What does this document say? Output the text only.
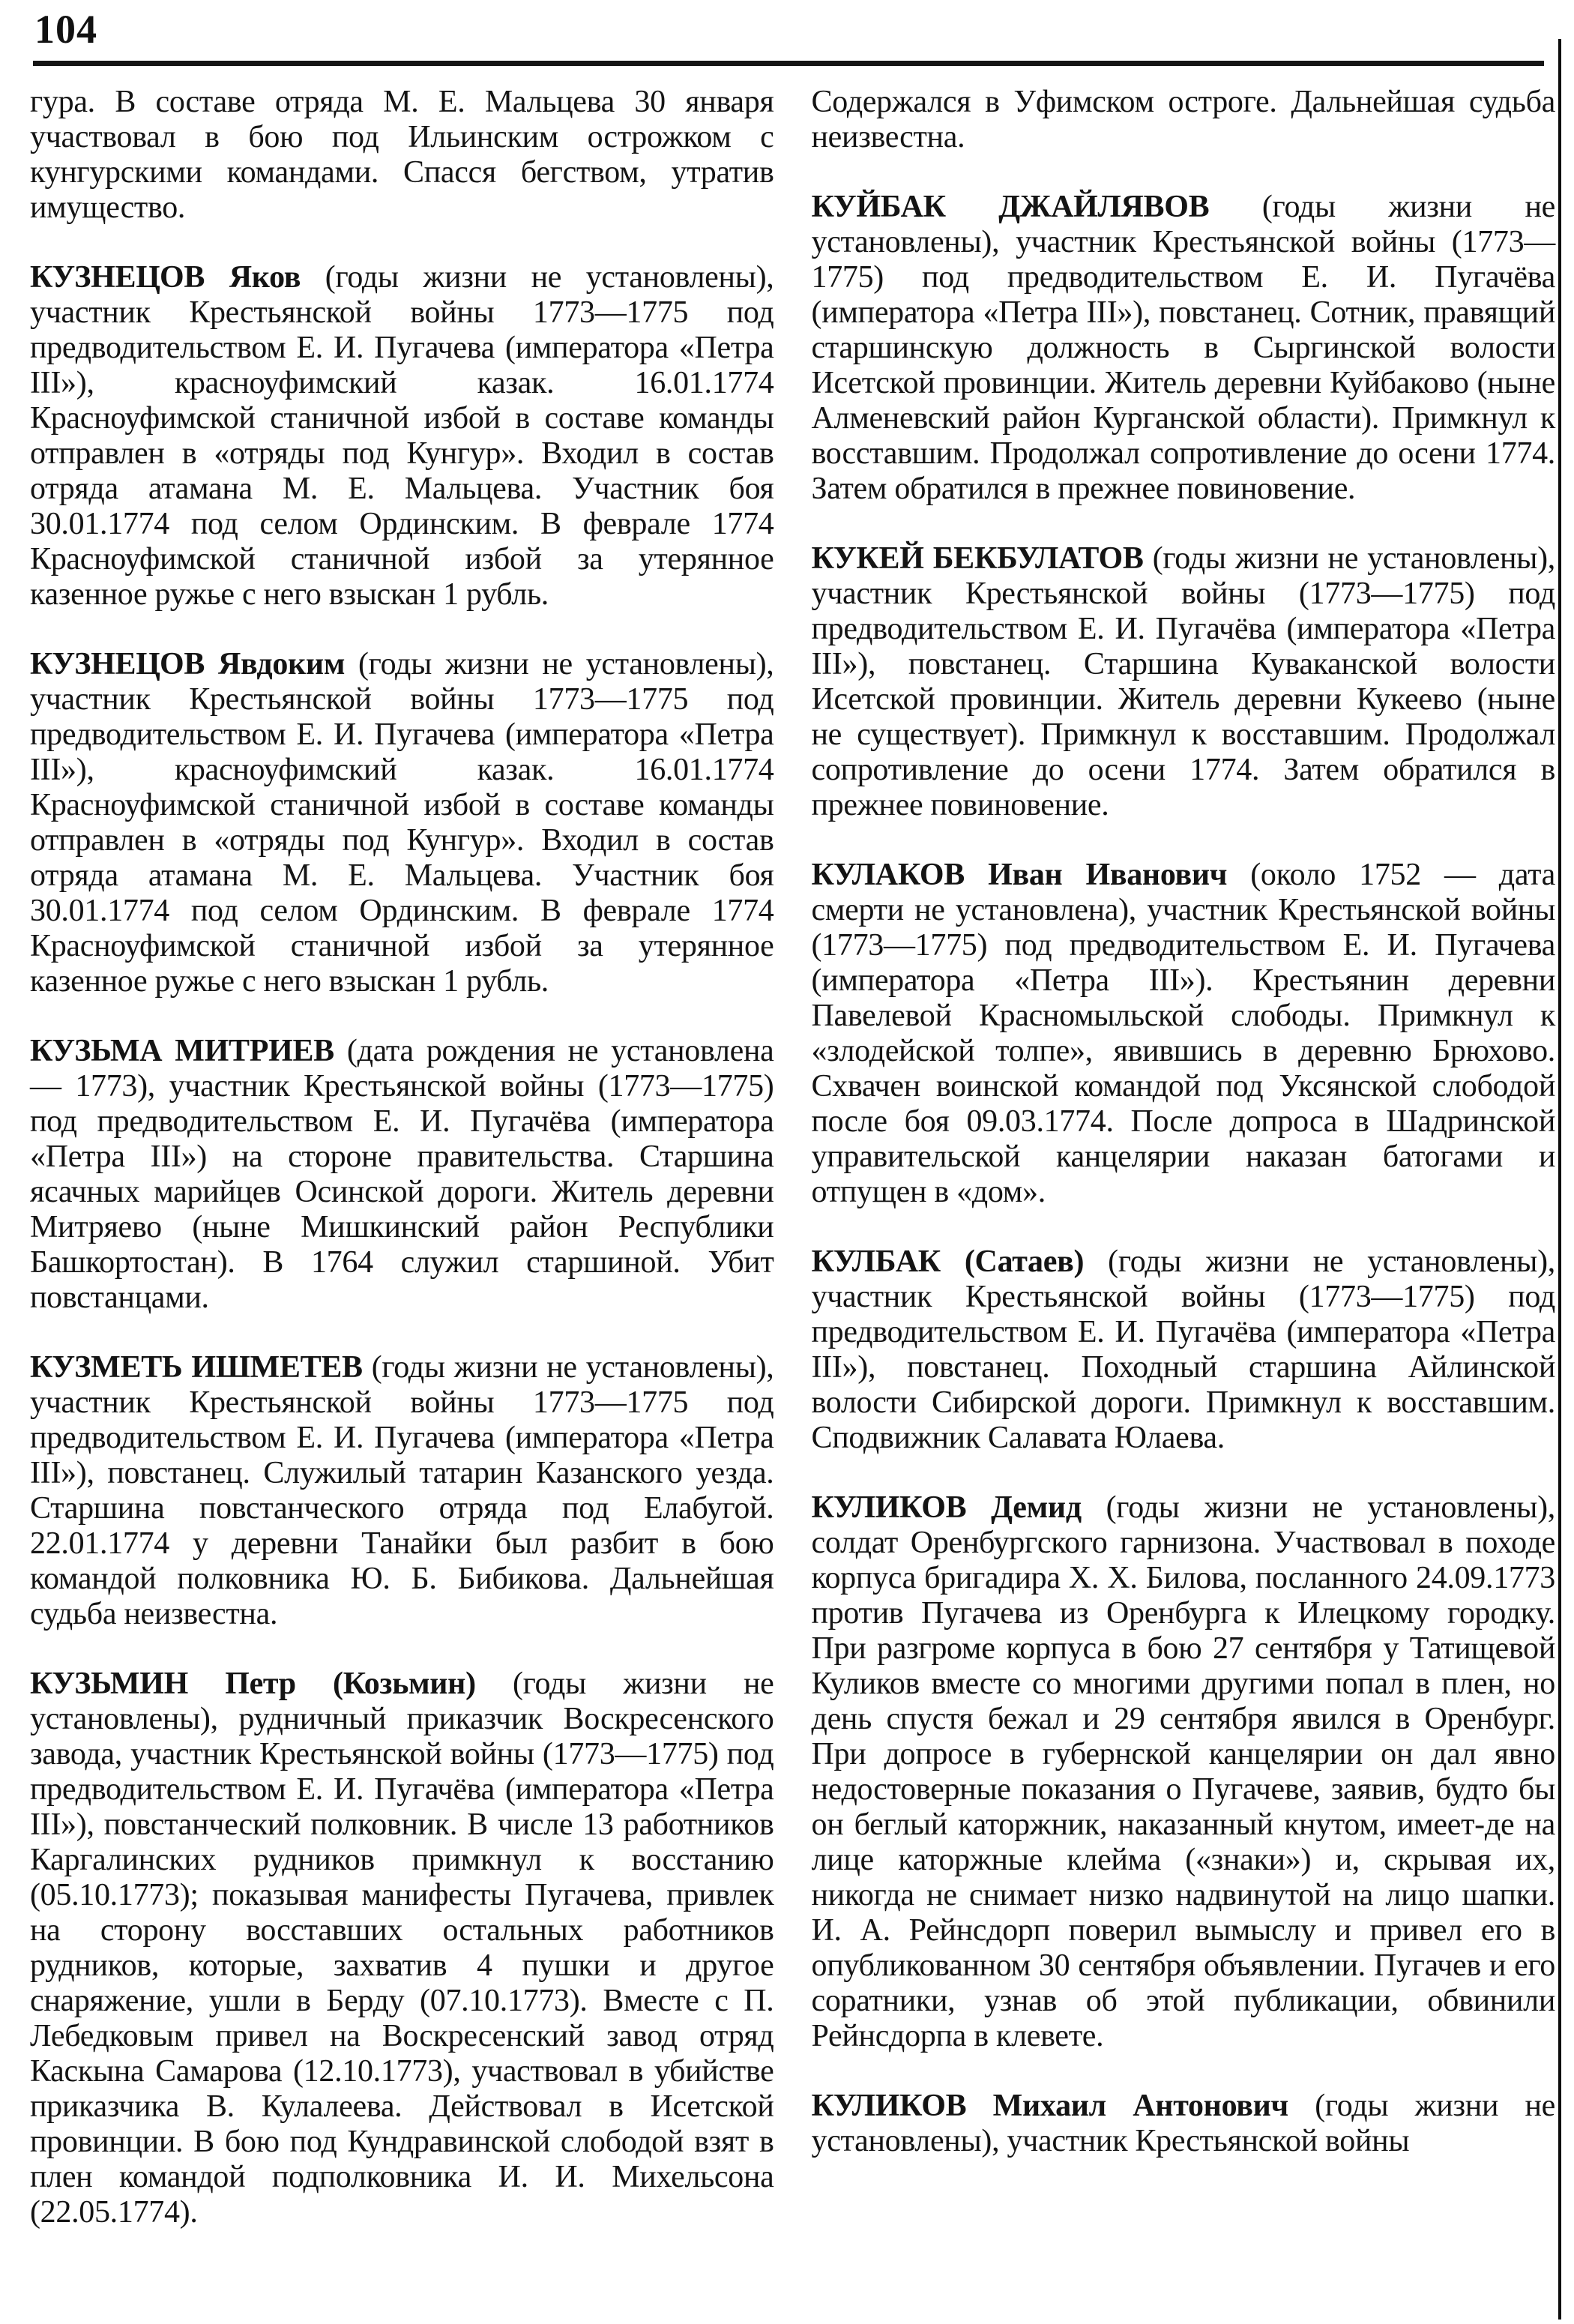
104

гура. В составе отряда М. Е. Мальцева 30 января участвовал в бою под Ильинским острожком с кунгурскими командами. Спасся бегством, утратив имущество.

КУЗНЕЦОВ Яков (годы жизни не установлены), участник Крестьянской войны 1773—1775 под предводительством Е. И. Пугачева (императора «Петра III»), красноуфимский казак. 16.01.1774 Красноуфимской станичной избой в составе команды отправлен в «отряды под Кунгур». Входил в состав отряда атамана М. Е. Мальцева. Участник боя 30.01.1774 под селом Ординским. В феврале 1774 Красноуфимской станичной избой за утерянное казенное ружье с него взыскан 1 рубль.

КУЗНЕЦОВ Явдоким (годы жизни не установлены), участник Крестьянской войны 1773—1775 под предводительством Е. И. Пугачева (императора «Петра III»), красноуфимский казак. 16.01.1774 Красноуфимской станичной избой в составе команды отправлен в «отряды под Кунгур». Входил в состав отряда атамана М. Е. Мальцева. Участник боя 30.01.1774 под селом Ординским. В феврале 1774 Красноуфимской станичной избой за утерянное казенное ружье с него взыскан 1 рубль.

КУЗЬМА МИТРИЕВ (дата рождения не установлена — 1773), участник Крестьянской войны (1773—1775) под предводительством Е. И. Пугачёва (императора «Петра III») на стороне правительства. Старшина ясачных марийцев Осинской дороги. Житель деревни Митряево (ныне Мишкинский район Республики Башкортостан). В 1764 служил старшиной. Убит повстанцами.

КУЗМЕТЬ ИШМЕТЕВ (годы жизни не установлены), участник Крестьянской войны 1773—1775 под предводительством Е. И. Пугачева (императора «Петра III»), повстанец. Служилый татарин Казанского уезда. Старшина повстанческого отряда под Елабугой. 22.01.1774 у деревни Танайки был разбит в бою командой полковника Ю. Б. Бибикова. Дальнейшая судьба неизвестна.

КУЗЬМИН Петр (Козьмин) (годы жизни не установлены), рудничный приказчик Воскресенского завода, участник Крестьянской войны (1773—1775) под предводительством Е. И. Пугачёва (императора «Петра III»), повстанческий полковник. В числе 13 работников Каргалинских рудников примкнул к восстанию (05.10.1773); показывая манифесты Пугачева, привлек на сторону восставших остальных работников рудников, которые, захватив 4 пушки и другое снаряжение, ушли в Берду (07.10.1773). Вместе с П. Лебедковым привел на Воскресенский завод отряд Каскына Самарова (12.10.1773), участвовал в убийстве приказчика В. Кулалеева. Действовал в Исетской провинции. В бою под Кундравинской слободой взят в плен командой подполковника И. И. Михельсона (22.05.1774).

Содержался в Уфимском остроге. Дальнейшая судьба неизвестна.

КУЙБАК ДЖАЙЛЯВОВ (годы жизни не установлены), участник Крестьянской войны (1773—1775) под предводительством Е. И. Пугачёва (императора «Петра III»), повстанец. Сотник, правящий старшинскую должность в Сыргинской волости Исетской провинции. Житель деревни Куйбаково (ныне Алменевский район Курганской области). Примкнул к восставшим. Продолжал сопротивление до осени 1774. Затем обратился в прежнее повиновение.

КУКЕЙ БЕКБУЛАТОВ (годы жизни не установлены), участник Крестьянской войны (1773—1775) под предводительством Е. И. Пугачёва (императора «Петра III»), повстанец. Старшина Куваканской волости Исетской провинции. Житель деревни Кукеево (ныне не существует). Примкнул к восставшим. Продолжал сопротивление до осени 1774. Затем обратился в прежнее повиновение.

КУЛАКОВ Иван Иванович (около 1752 — дата смерти не установлена), участник Крестьянской войны (1773—1775) под предводительством Е. И. Пугачева (императора «Петра III»). Крестьянин деревни Павелевой Красномыльской слободы. Примкнул к «злодейской толпе», явившись в деревню Брюхово. Схвачен воинской командой под Уксянской слободой после боя 09.03.1774. После допроса в Шадринской управительской канцелярии наказан батогами и отпущен в «дом».

КУЛБАК (Сатаев) (годы жизни не установлены), участник Крестьянской войны (1773—1775) под предводительством Е. И. Пугачёва (императора «Петра III»), повстанец. Походный старшина Айлинской волости Сибирской дороги. Примкнул к восставшим. Сподвижник Салавата Юлаева.

КУЛИКОВ Демид (годы жизни не установлены), солдат Оренбургского гарнизона. Участвовал в походе корпуса бригадира Х. Х. Билова, посланного 24.09.1773 против Пугачева из Оренбурга к Илецкому городку. При разгроме корпуса в бою 27 сентября у Татищевой Куликов вместе со многими другими попал в плен, но день спустя бежал и 29 сентября явился в Оренбург. При допросе в губернской канцелярии он дал явно недостоверные показания о Пугачеве, заявив, будто бы он беглый каторжник, наказанный кнутом, имеет-де на лице каторжные клейма («знаки») и, скрывая их, никогда не снимает низко надвинутой на лицо шапки. И. А. Рейнсдорп поверил вымыслу и привел его в опубликованном 30 сентября объявлении. Пугачев и его соратники, узнав об этой публикации, обвинили Рейнсдорпа в клевете.

КУЛИКОВ Михаил Антонович (годы жизни не установлены), участник Крестьянской войны
